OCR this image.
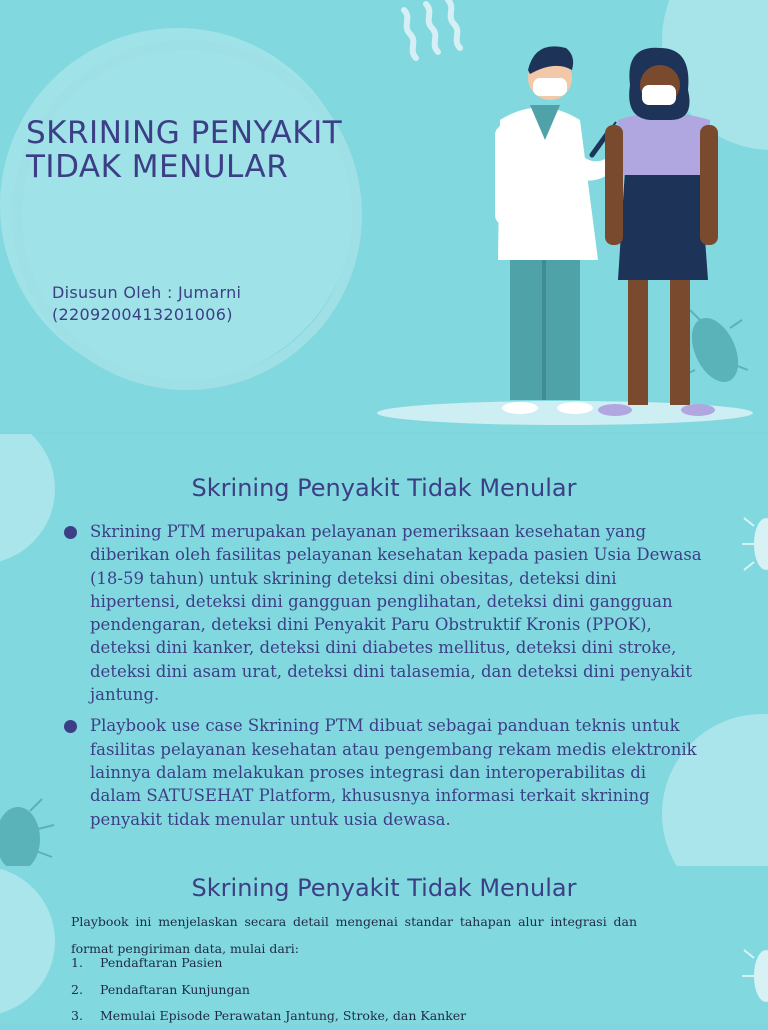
SKRINING PENYAKIT
TIDAK MENULAR

Disusun Oleh : Jumarni
(2209200413201006)

Skrining Penyakit Tidak Menular
Skrining PTM merupakan pelayanan pemeriksaan kesehatan yang diberikan oleh fasilitas pelayanan kesehatan kepada pasien Usia Dewasa (18-59 tahun) untuk skrining deteksi dini obesitas, deteksi dini hipertensi, deteksi dini gangguan penglihatan, deteksi dini gangguan pendengaran, deteksi dini Penyakit Paru Obstruktif Kronis (PPOK), deteksi dini kanker, deteksi dini diabetes mellitus, deteksi dini stroke, deteksi dini asam urat, deteksi dini talasemia, dan deteksi dini penyakit jantung.
Playbook use case Skrining PTM dibuat sebagai panduan teknis untuk fasilitas pelayanan kesehatan atau pengembang rekam medis elektronik lainnya dalam melakukan proses integrasi dan interoperabilitas di dalam SATUSEHAT Platform, khususnya informasi terkait skrining penyakit tidak menular untuk usia dewasa.
Skrining Penyakit Tidak Menular

Playbook ini menjelaskan secara detail mengenai standar tahapan alur integrasi dan format pengiriman data, mulai dari:

1. Pendaftaran Pasien
2. Pendaftaran Kunjungan
3. Memulai Episode Perawatan Jantung, Stroke, dan Kanker
